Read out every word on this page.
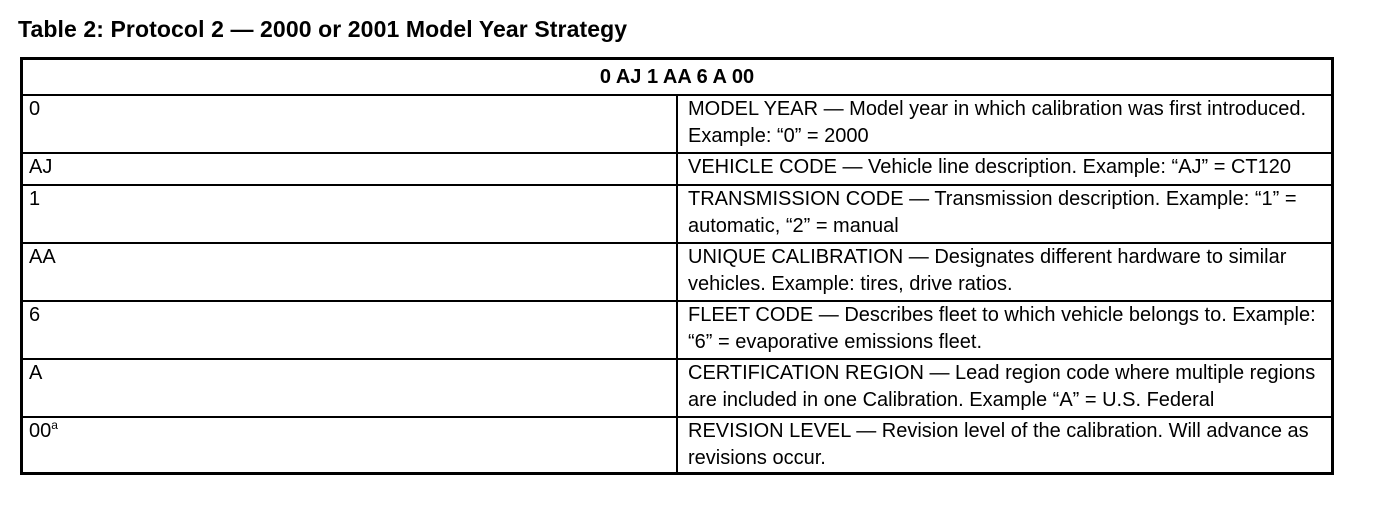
Table 2: Protocol 2 — 2000 or 2001 Model Year Strategy
0 AJ 1 AA 6 A 00	
0	MODEL YEAR — Model year in which calibration was first introduced. Example: “0” = 2000
AJ	VEHICLE CODE — Vehicle line description. Example: “AJ” = CT120
1	TRANSMISSION CODE — Transmission description. Example: “1” = automatic, “2” = manual
AA	UNIQUE CALIBRATION — Designates different hardware to similar vehicles. Example: tires, drive ratios.
6	FLEET CODE — Describes fleet to which vehicle belongs to. Example: “6” = evaporative emissions fleet.
A	CERTIFICATION REGION — Lead region code where multiple regions are included in one Calibration. Example “A” = U.S. Federal
00$^a$	REVISION LEVEL — Revision level of the calibration. Will advance as revisions occur.
